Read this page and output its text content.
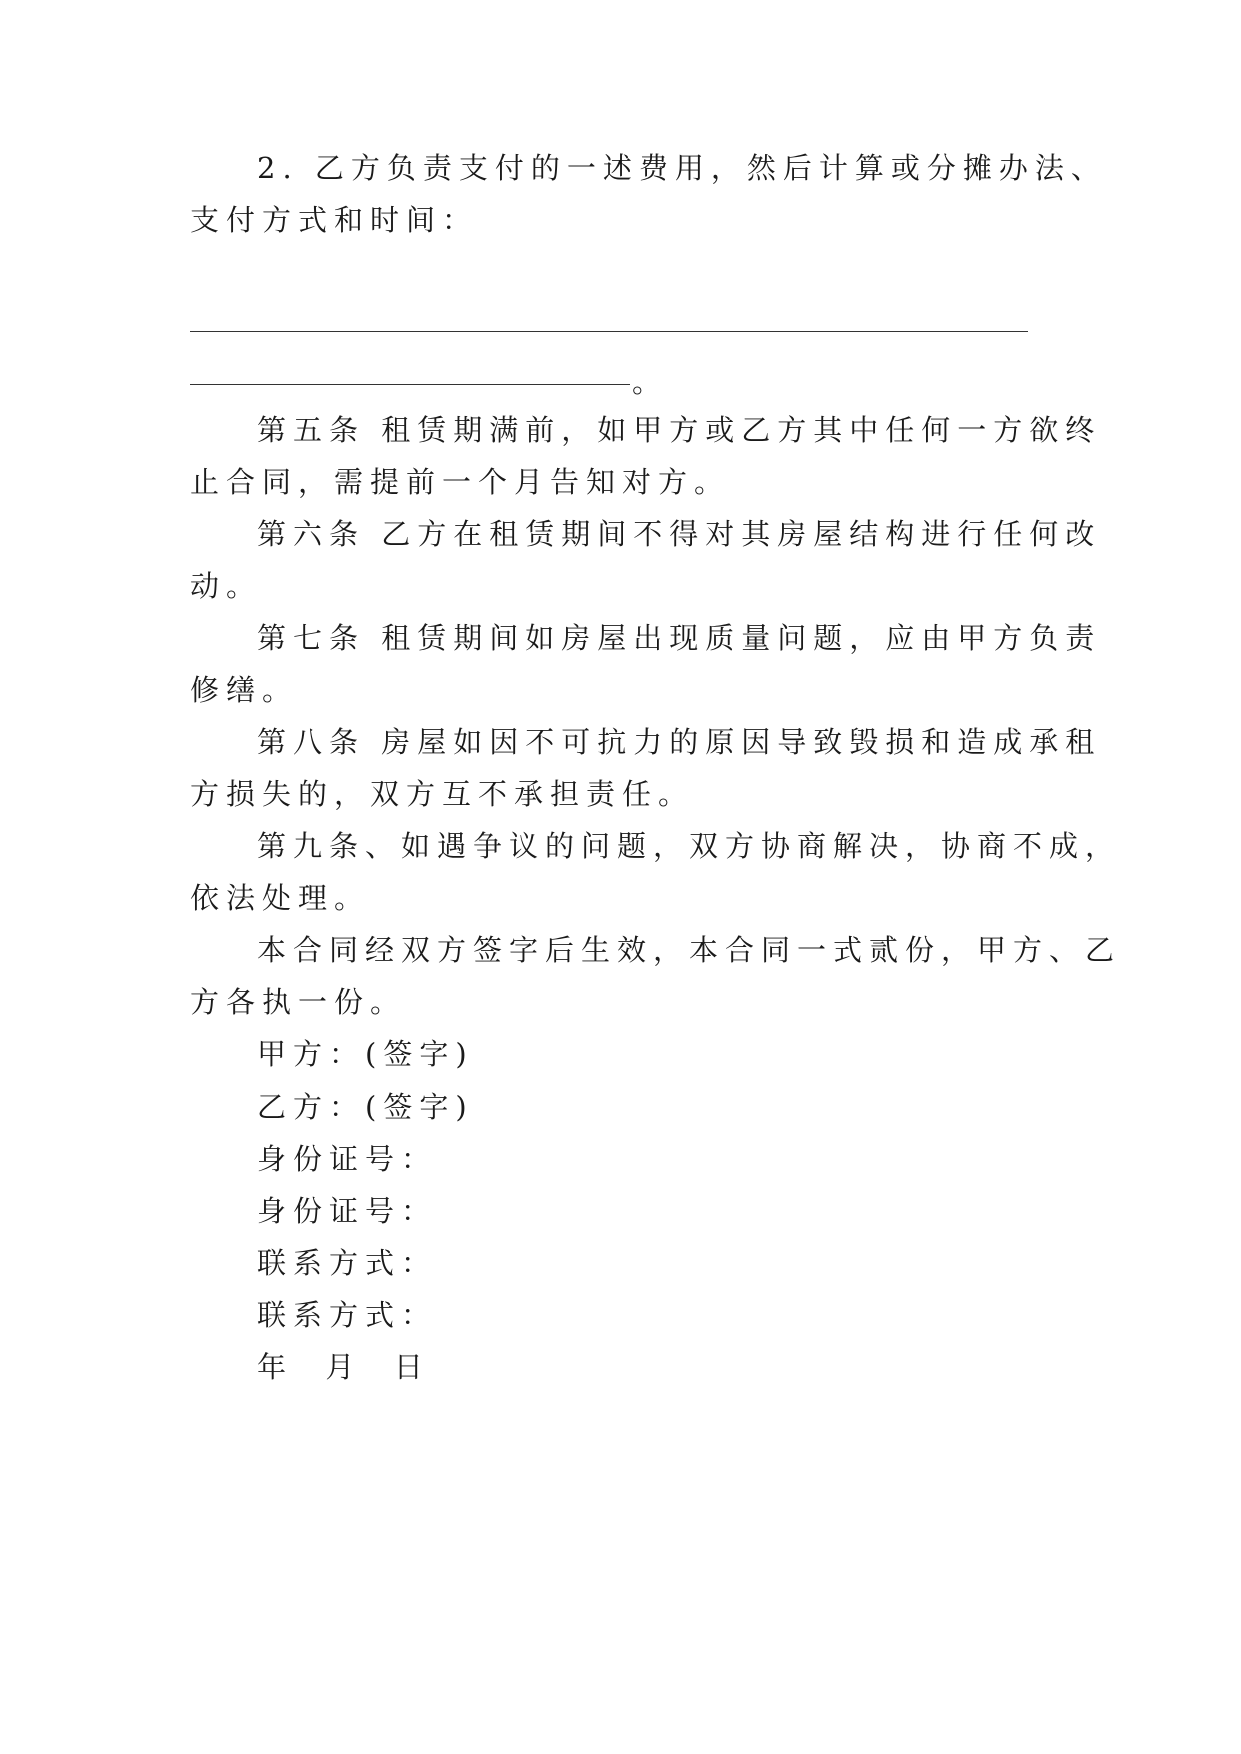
2. 乙方负责支付的一述费用，然后计算或分摊办法、
支付方式和时间：
。
第五条 租赁期满前，如甲方或乙方其中任何一方欲终
止合同，需提前一个月告知对方。
第六条 乙方在租赁期间不得对其房屋结构进行任何改
动。
第七条 租赁期间如房屋出现质量问题，应由甲方负责
修缮。
第八条 房屋如因不可抗力的原因导致毁损和造成承租
方损失的，双方互不承担责任。
第九条、如遇争议的问题，双方协商解决，协商不成，
依法处理。
本合同经双方签字后生效，本合同一式贰份，甲方、乙
方各执一份。
甲方：(签字)
乙方：(签字)
身份证号：
身份证号：
联系方式：
联系方式：
年  月  日
